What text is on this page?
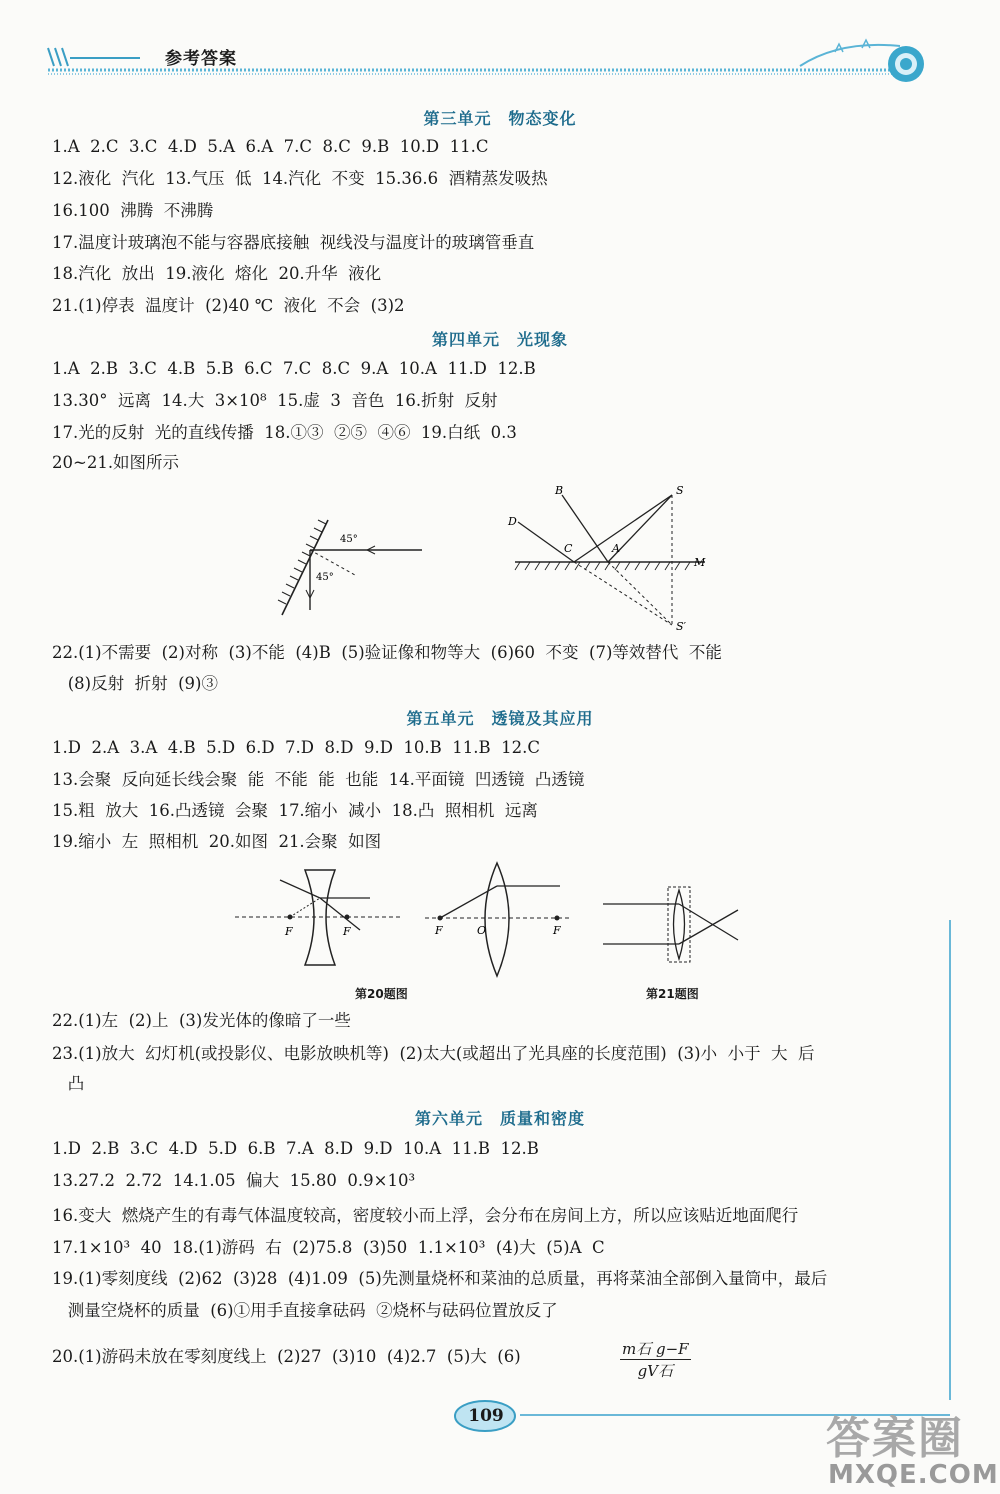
参考答案
第三单元　物态变化
1.A  2.C  3.C  4.D  5.A  6.A  7.C  8.C  9.B  10.D  11.C
12.液化  汽化  13.气压  低  14.汽化  不变  15.36.6  酒精蒸发吸热
16.100  沸腾  不沸腾
17.温度计玻璃泡不能与容器底接触  视线没与温度计的玻璃管垂直
18.汽化  放出  19.液化  熔化  20.升华  液化
21.(1)停表  温度计  (2)40 ℃  液化  不会  (3)2
第四单元　光现象
1.A  2.B  3.C  4.B  5.B  6.C  7.C  8.C  9.A  10.A  11.D  12.B
13.30°  远离  14.大  3×10⁸  15.虚  3  音色  16.折射  反射
17.光的反射  光的直线传播  18.①③  ②⑤  ④⑥  19.白纸  0.3
20~21.如图所示
45°
45°
B	S
D
C	A
M
S′
22.(1)不需要  (2)对称  (3)不能  (4)B  (5)验证像和物等大  (6)60  不变  (7)等效替代  不能
(8)反射  折射  (9)③
第五单元　透镜及其应用
1.D  2.A  3.A  4.B  5.D  6.D  7.D  8.D  9.D  10.B  11.B  12.C
13.会聚  反向延长线会聚  能  不能  能  也能  14.平面镜  凹透镜  凸透镜
15.粗  放大  16.凸透镜  会聚  17.缩小  减小  18.凸  照相机  远离
19.缩小  左  照相机  20.如图  21.会聚  如图
F	F	F	O	F
第20题图	第21题图
22.(1)左  (2)上  (3)发光体的像暗了一些
23.(1)放大  幻灯机(或投影仪、电影放映机等)  (2)太大(或超出了光具座的长度范围)  (3)小  小于  大  后
凸
第六单元　质量和密度
1.D  2.B  3.C  4.D  5.D  6.B  7.A  8.D  9.D  10.A  11.B  12.B
13.27.2  2.72  14.1.05  偏大  15.80  0.9×10³
16.变大  燃烧产生的有毒气体温度较高，密度较小而上浮，会分布在房间上方，所以应该贴近地面爬行
17.1×10³  40  18.(1)游码  右  (2)75.8  (3)50  1.1×10³  (4)大  (5)A  C
19.(1)零刻度线  (2)62  (3)28  (4)1.09  (5)先测量烧杯和菜油的总质量，再将菜油全部倒入量筒中，最后
测量空烧杯的质量  (6)①用手直接拿砝码  ②烧杯与砝码位置放反了
20.(1)游码未放在零刻度线上  (2)27  (3)10  (4)2.7  (5)大  (6)	m石 g−F
gV石
109	答案圈
MXQE.COM
